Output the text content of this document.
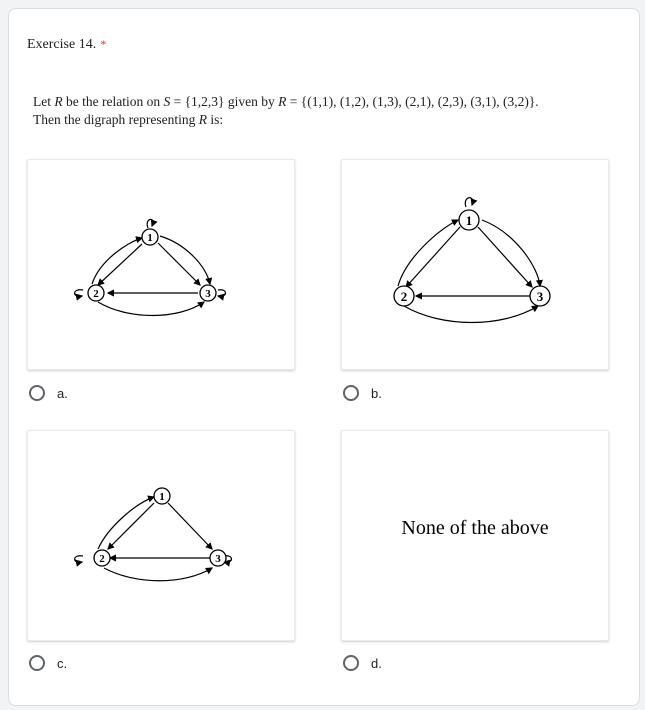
Exercise 14. *
Let R be the relation on S = {1,2,3} given by R = {(1,1), (1,2), (1,3), (2,1), (2,3), (3,1), (3,2)}.
Then the digraph representing R is:
1
2	3
1
2	3
a.	b.
1
2	3
None of the above
c.	d.
